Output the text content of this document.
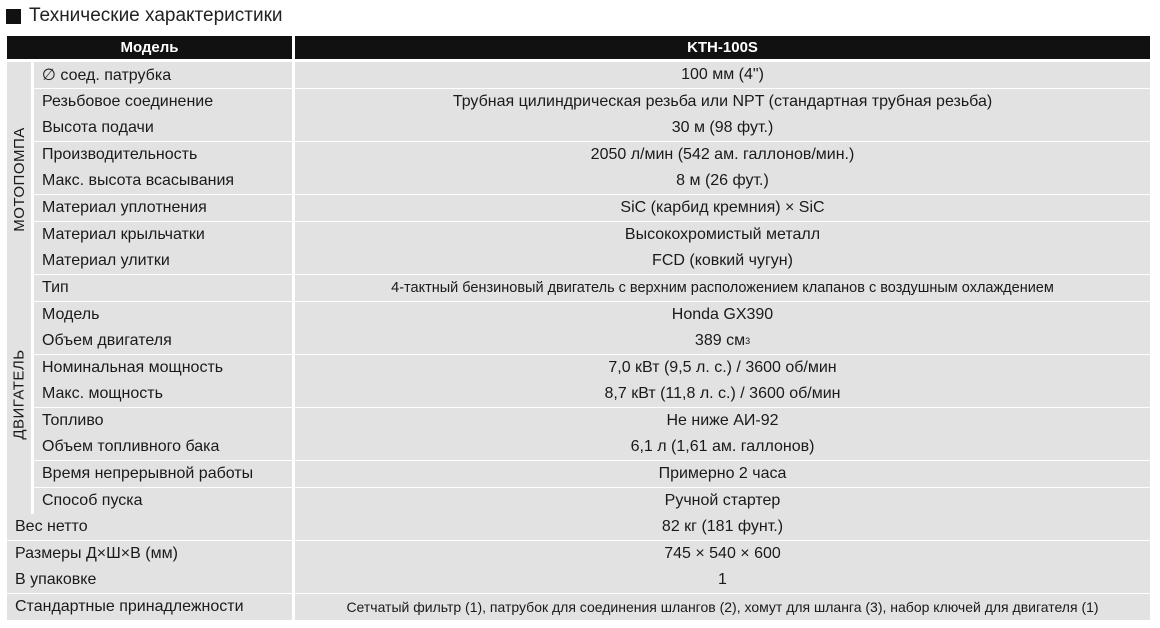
Технические характеристики
Модель	KTH-100S
МОТОПОМПА
∅ соед. патрубка	100 мм (4")
Резьбовое соединение	Трубная цилиндрическая резьба или NPT (стандартная трубная резьба)
Высота подачи	30 м (98 фут.)
Производительность	2050 л/мин (542 ам. галлонов/мин.)
Макс. высота всасывания	8 м (26 фут.)
Материал уплотнения	SiC (карбид кремния) × SiC
Материал крыльчатки	Высокохромистый металл
Материал улитки	FCD (ковкий чугун)
ДВИГАТЕЛЬ
Тип	4-тактный бензиновый двигатель с верхним расположением клапанов с воздушным охлаждением
Модель	Honda GX390
Объем двигателя	389 см 3
Номинальная мощность	7,0 кВт (9,5 л. с.) / 3600 об/мин
Макс. мощность	8,7 кВт (11,8 л. с.) / 3600 об/мин
Топливо	Не ниже АИ-92
Объем топливного бака	6,1 л (1,61 ам. галлонов)
Время непрерывной работы	Примерно 2 часа
Способ пуска	Ручной стартер
Вес нетто	82 кг (181 фунт.)
Размеры Д×Ш×В (мм)	745 × 540 × 600
В упаковке	1
Стандартные принадлежности	Сетчатый фильтр (1), патрубок для соединения шлангов (2), хомут для шланга (3), набор ключей для двигателя (1)
